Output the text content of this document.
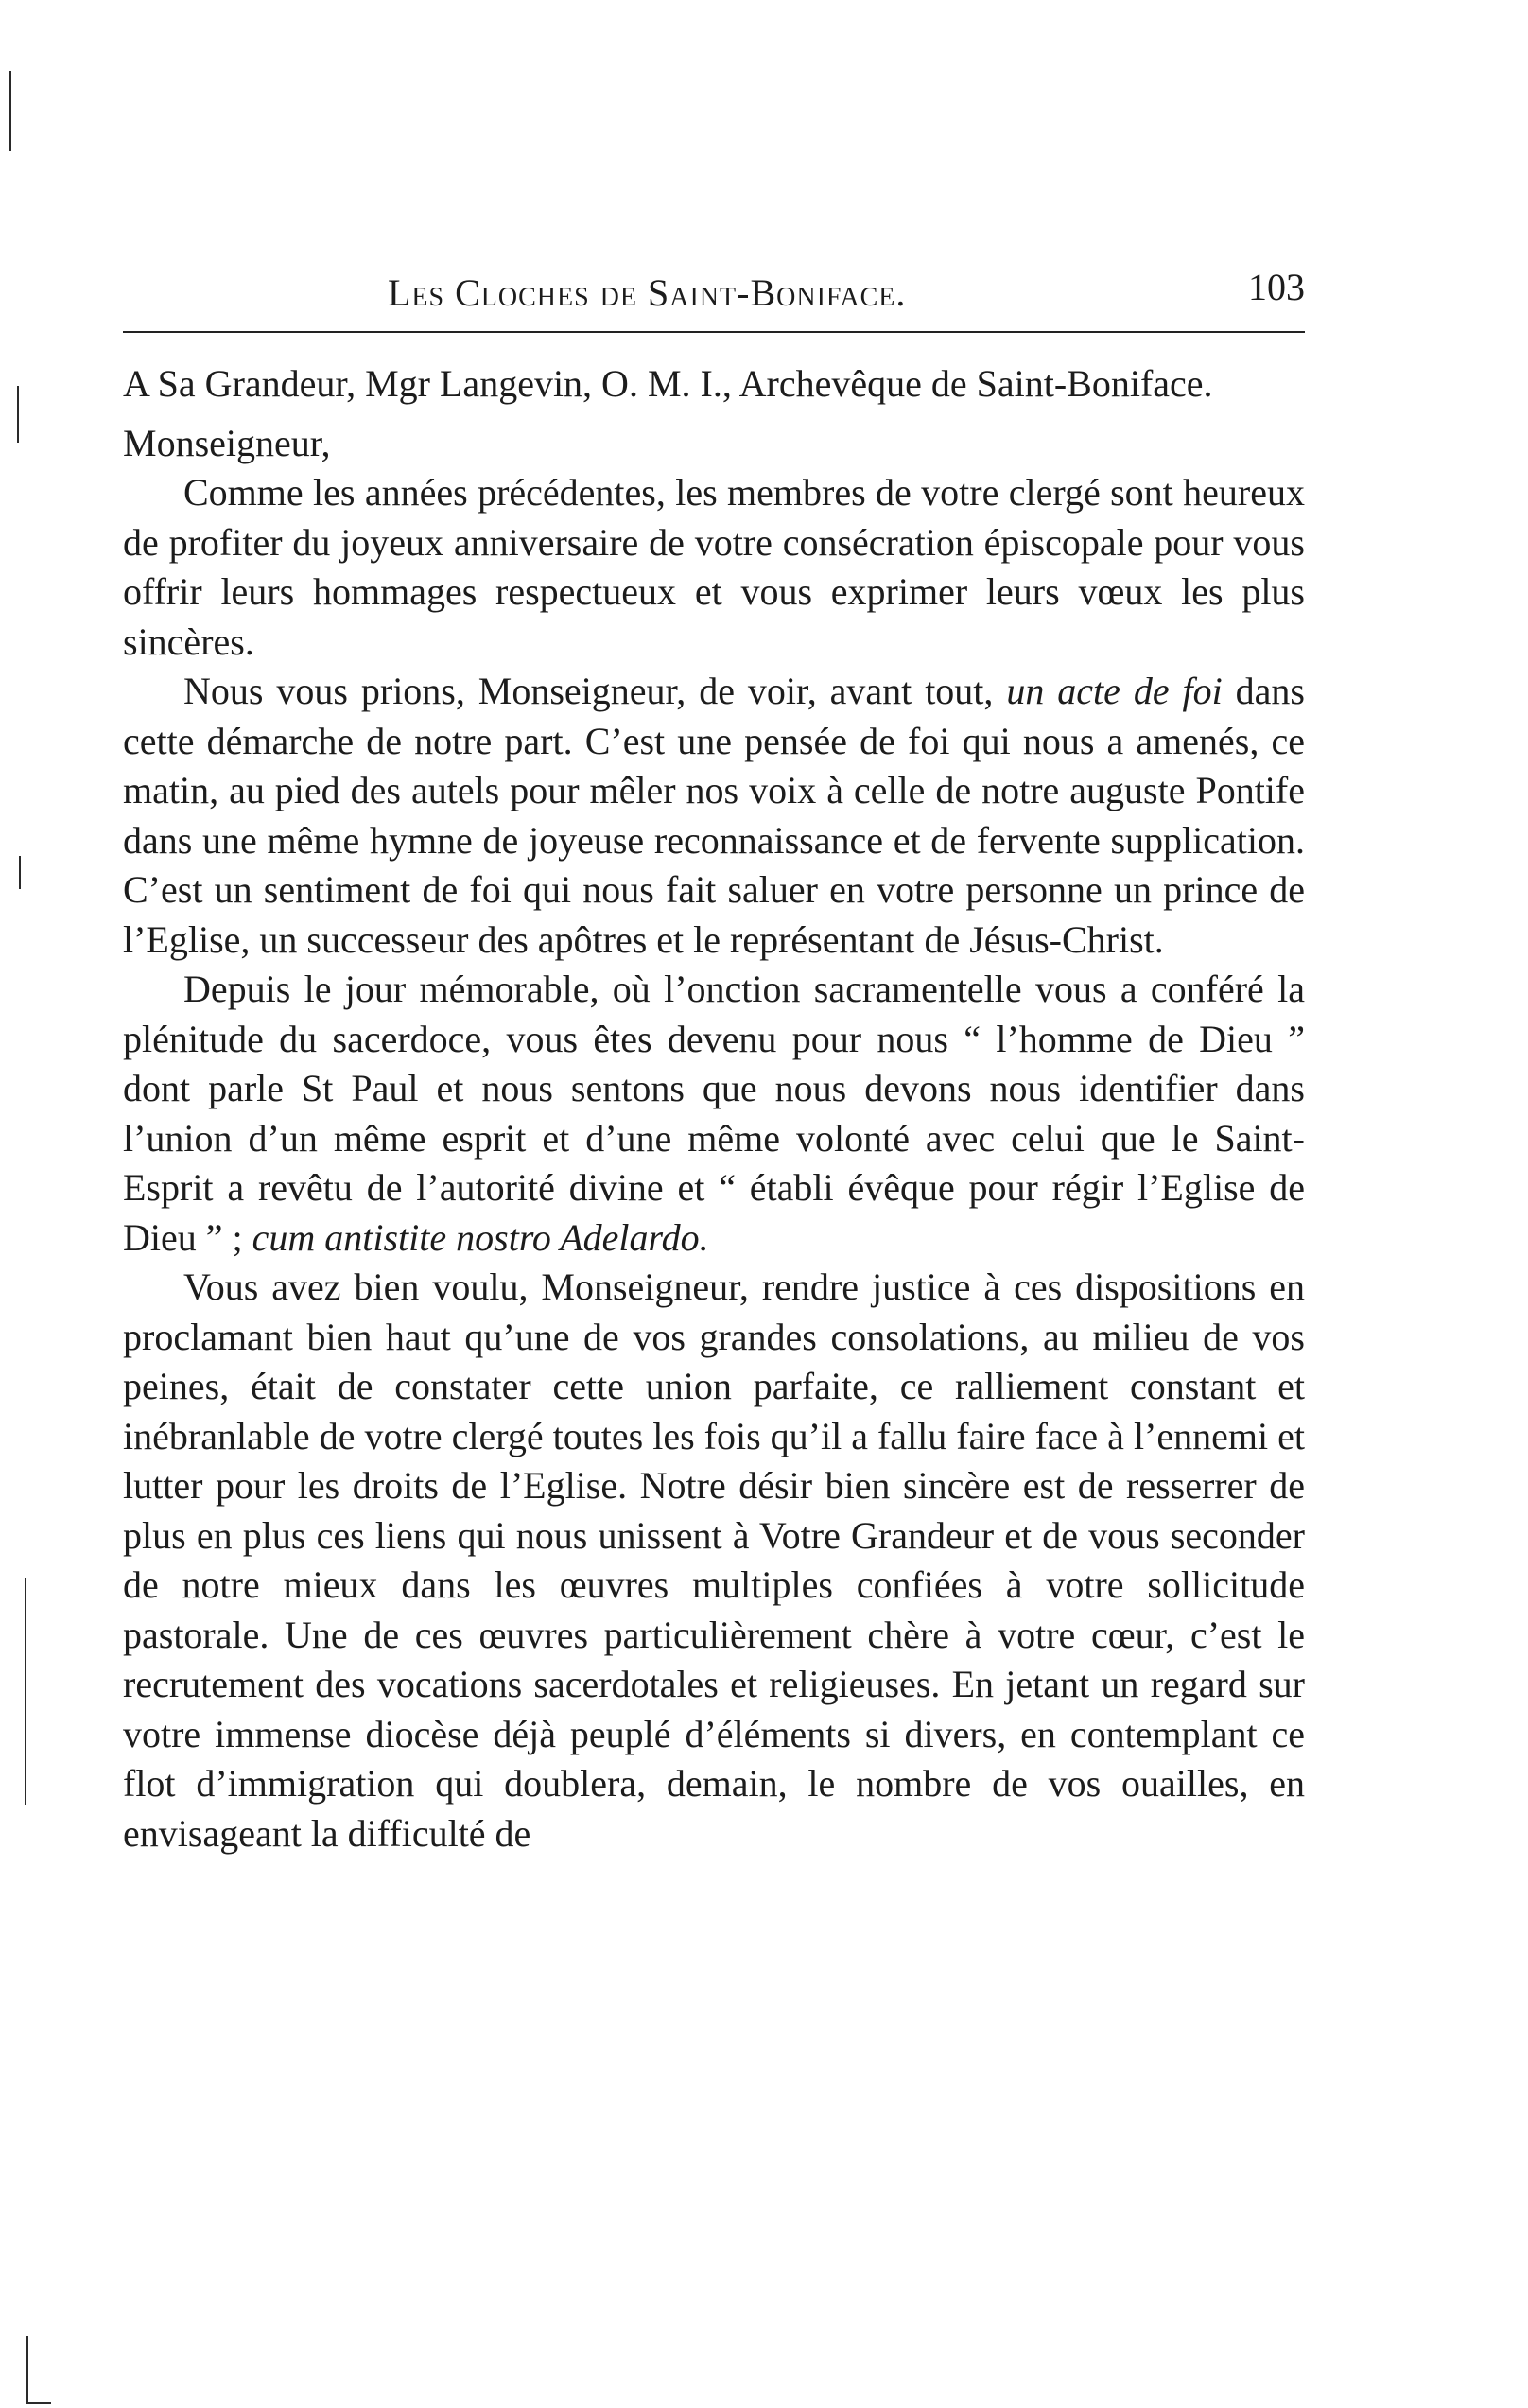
Les Cloches de Saint-Boniface.	103

A Sa Grandeur, Mgr Langevin, O. M. I., Archevêque de Saint-Boniface.

Monseigneur,

Comme les années précédentes, les membres de votre clergé sont heureux de profiter du joyeux anniversaire de votre consécration épiscopale pour vous offrir leurs hommages respectueux et vous exprimer leurs vœux les plus sincères.

Nous vous prions, Monseigneur, de voir, avant tout, un acte de foi dans cette démarche de notre part. C’est une pensée de foi qui nous a amenés, ce matin, au pied des autels pour mêler nos voix à celle de notre auguste Pontife dans une même hymne de joyeuse reconnaissance et de fervente supplication. C’est un sentiment de foi qui nous fait saluer en votre personne un prince de l’Eglise, un successeur des apôtres et le représentant de Jésus-Christ.

Depuis le jour mémorable, où l’onction sacramentelle vous a conféré la plénitude du sacerdoce, vous êtes devenu pour nous “ l’homme de Dieu ” dont parle St Paul et nous sentons que nous devons nous identifier dans l’union d’un même esprit et d’une même volonté avec celui que le Saint-Esprit a revêtu de l’autorité divine et “ établi évêque pour régir l’Eglise de Dieu ” ; cum antistite nostro Adelardo.

Vous avez bien voulu, Monseigneur, rendre justice à ces dispositions en proclamant bien haut qu’une de vos grandes consolations, au milieu de vos peines, était de constater cette union parfaite, ce ralliement constant et inébranlable de votre clergé toutes les fois qu’il a fallu faire face à l’ennemi et lutter pour les droits de l’Eglise. Notre désir bien sincère est de resserrer de plus en plus ces liens qui nous unissent à Votre Grandeur et de vous seconder de notre mieux dans les œuvres multiples confiées à votre sollicitude pastorale. Une de ces œuvres particulièrement chère à votre cœur, c’est le recrutement des vocations sacerdotales et religieuses. En jetant un regard sur votre immense diocèse déjà peuplé d’éléments si divers, en contemplant ce flot d’immigration qui doublera, demain, le nombre de vos ouailles, en envisageant la difficulté de
